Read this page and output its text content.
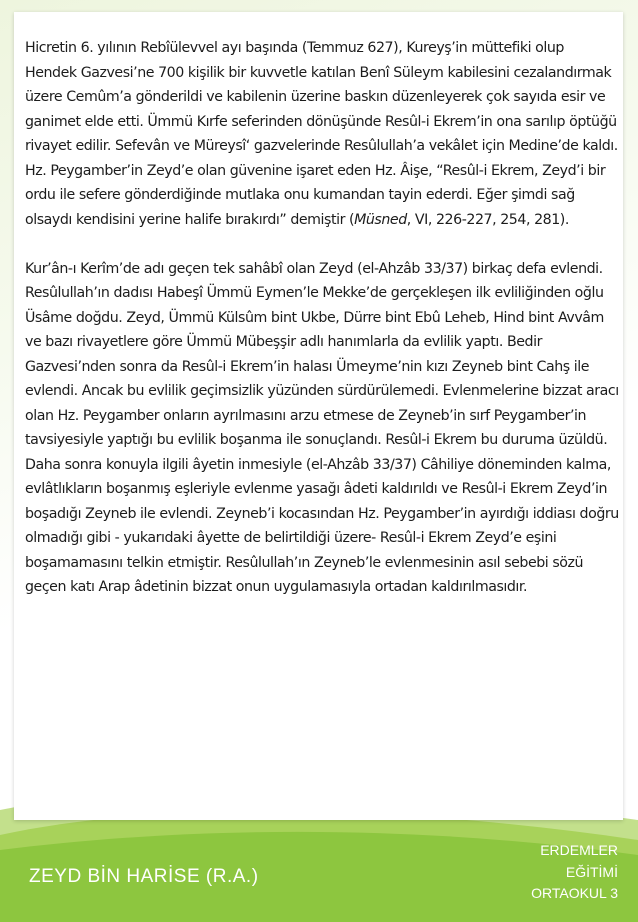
Hicretin 6. yılının Rebîülevvel ayı başında (Temmuz 627), Kureyş’in müttefiki olup Hendek Gazvesi’ne 700 kişilik bir kuvvetle katılan Benî Süleym kabilesini cezalandırmak üzere Cemûm’a gönderildi ve kabilenin üzerine baskın düzenleyerek çok sayıda esir ve ganimet elde etti. Ümmü Kırfe seferinden dönüşünde Resûl-i Ekrem’in ona sarılıp öptüğü rivayet edilir. Sefevân ve Müreysî‘ gazvelerinde Resûlullah’a vekâlet için Medine’de kaldı. Hz. Peygamber’in Zeyd’e olan güvenine işaret eden Hz. Âişe, “Resûl-i Ekrem, Zeyd’i bir ordu ile sefere gönderdiğinde mutlaka onu kumandan tayin ederdi. Eğer şimdi sağ olsaydı kendisini yerine halife bırakırdı” demiştir (Müsned, VI, 226-227, 254, 281).

Kur’ân-ı Kerîm’de adı geçen tek sahâbî olan Zeyd (el-Ahzâb 33/37) birkaç defa evlendi. Resûlullah’ın dadısı Habeşî Ümmü Eymen’le Mekke’de gerçekleşen ilk evliliğinden oğlu Üsâme doğdu. Zeyd, Ümmü Külsûm bint Ukbe, Dürre bint Ebû Leheb, Hind bint Avvâm ve bazı rivayetlere göre Ümmü Mübeşşir adlı hanımlarla da evlilik yaptı. Bedir Gazvesi’nden sonra da Resûl-i Ekrem’in halası Ümeyme’nin kızı Zeyneb bint Cahş ile evlendi. Ancak bu evlilik geçimsizlik yüzünden sürdürülemedi. Evlenmelerine bizzat aracı olan Hz. Peygamber onların ayrılmasını arzu etmese de Zeyneb’in sırf Peygamber’in tavsiyesiyle yaptığı bu evlilik boşanma ile sonuçlandı. Resûl-i Ekrem bu duruma üzüldü. Daha sonra konuyla ilgili âyetin inmesiyle (el-Ahzâb 33/37) Câhiliye döneminden kalma, evlâtlıkların boşanmış eşleriyle evlenme yasağı âdeti kaldırıldı ve Resûl-i Ekrem Zeyd’in boşadığı Zeyneb ile evlendi. Zeyneb’i kocasından Hz. Peygamber’in ayırdığı iddiası doğru olmadığı gibi - yukarıdaki âyette de belirtildiği üzere- Resûl-i Ekrem Zeyd’e eşini boşamamasını telkin etmiştir. Resûlullah’ın Zeyneb’le evlenmesinin asıl sebebi sözü geçen katı Arap âdetinin bizzat onun uygulamasıyla ortadan kaldırılmasıdır.

ZEYD BİN HARİSE (R.A.)
ERDEMLER
EĞİTİMİ
ORTAOKUL 3
